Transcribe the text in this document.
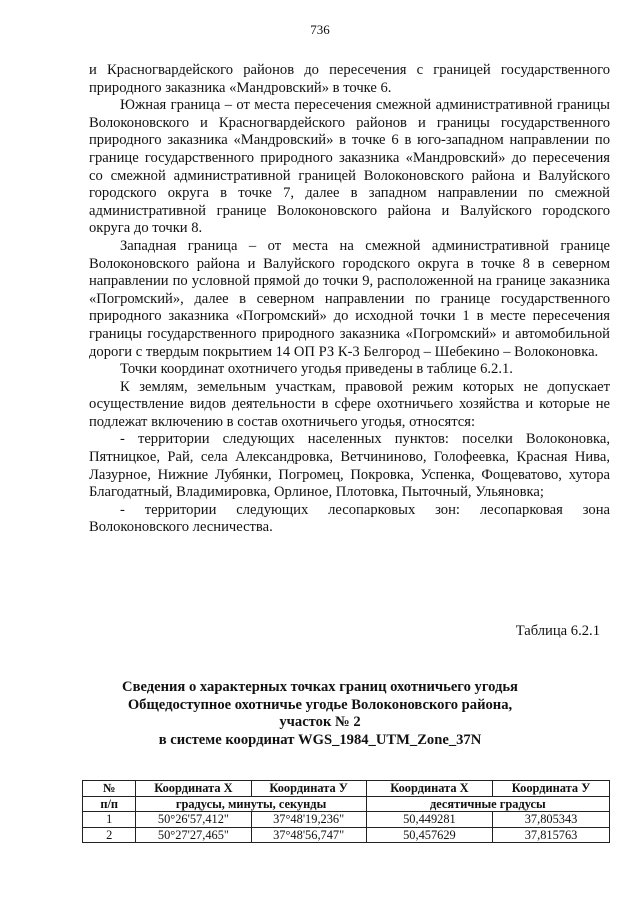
736

и Красногвардейского районов до пересечения с границей государственного природного заказника «Мандровский» в точке 6.

Южная граница – от места пересечения смежной административной границы Волоконовского и Красногвардейского районов и границы государственного природного заказника «Мандровский» в точке 6 в юго-западном направлении по границе государственного природного заказника «Мандровский» до пересечения со смежной административной границей Волоконовского района и Валуйского городского округа в точке 7, далее в западном направлении по смежной административной границе Волоконовского района и Валуйского городского округа до точки 8.

Западная граница – от места на смежной административной границе Волоконовского района и Валуйского городского округа в точке 8 в северном направлении по условной прямой до точки 9, расположенной на границе заказника «Погромский», далее в северном направлении по границе государственного природного заказника «Погромский» до исходной точки 1 в месте пересечения границы государственного природного заказника «Погромский» и автомобильной дороги с твердым покрытием 14 ОП РЗ К-3 Белгород – Шебекино – Волоконовка.

Точки координат охотничего угодья приведены в таблице 6.2.1.

К землям, земельным участкам, правовой режим которых не допускает осуществление видов деятельности в сфере охотничьего хозяйства и которые не подлежат включению в состав охотничьего угодья, относятся:

- территории следующих населенных пунктов: поселки Волоконовка, Пятницкое, Рай, села Александровка, Ветчининово, Голофеевка, Красная Нива, Лазурное, Нижние Лубянки, Погромец, Покровка, Успенка, Фощеватово, хутора Благодатный, Владимировка, Орлиное, Плотовка, Пыточный, Ульяновка;

- территории следующих лесопарковых зон: лесопарковая зона Волоконовского лесничества.

Таблица 6.2.1
Сведения о характерных точках границ охотничьего угодья
Общедоступное охотничье угодье Волоконовского района,
участок № 2
в системе координат WGS_1984_UTM_Zone_37N
№	Координата X	Координата У	Координата X	Координата У
п/п	градусы, минуты, секунды		десятичные градусы	
1	50°26'57,412"	37°48'19,236"	50,449281	37,805343
2	50°27'27,465"	37°48'56,747"	50,457629	37,815763
